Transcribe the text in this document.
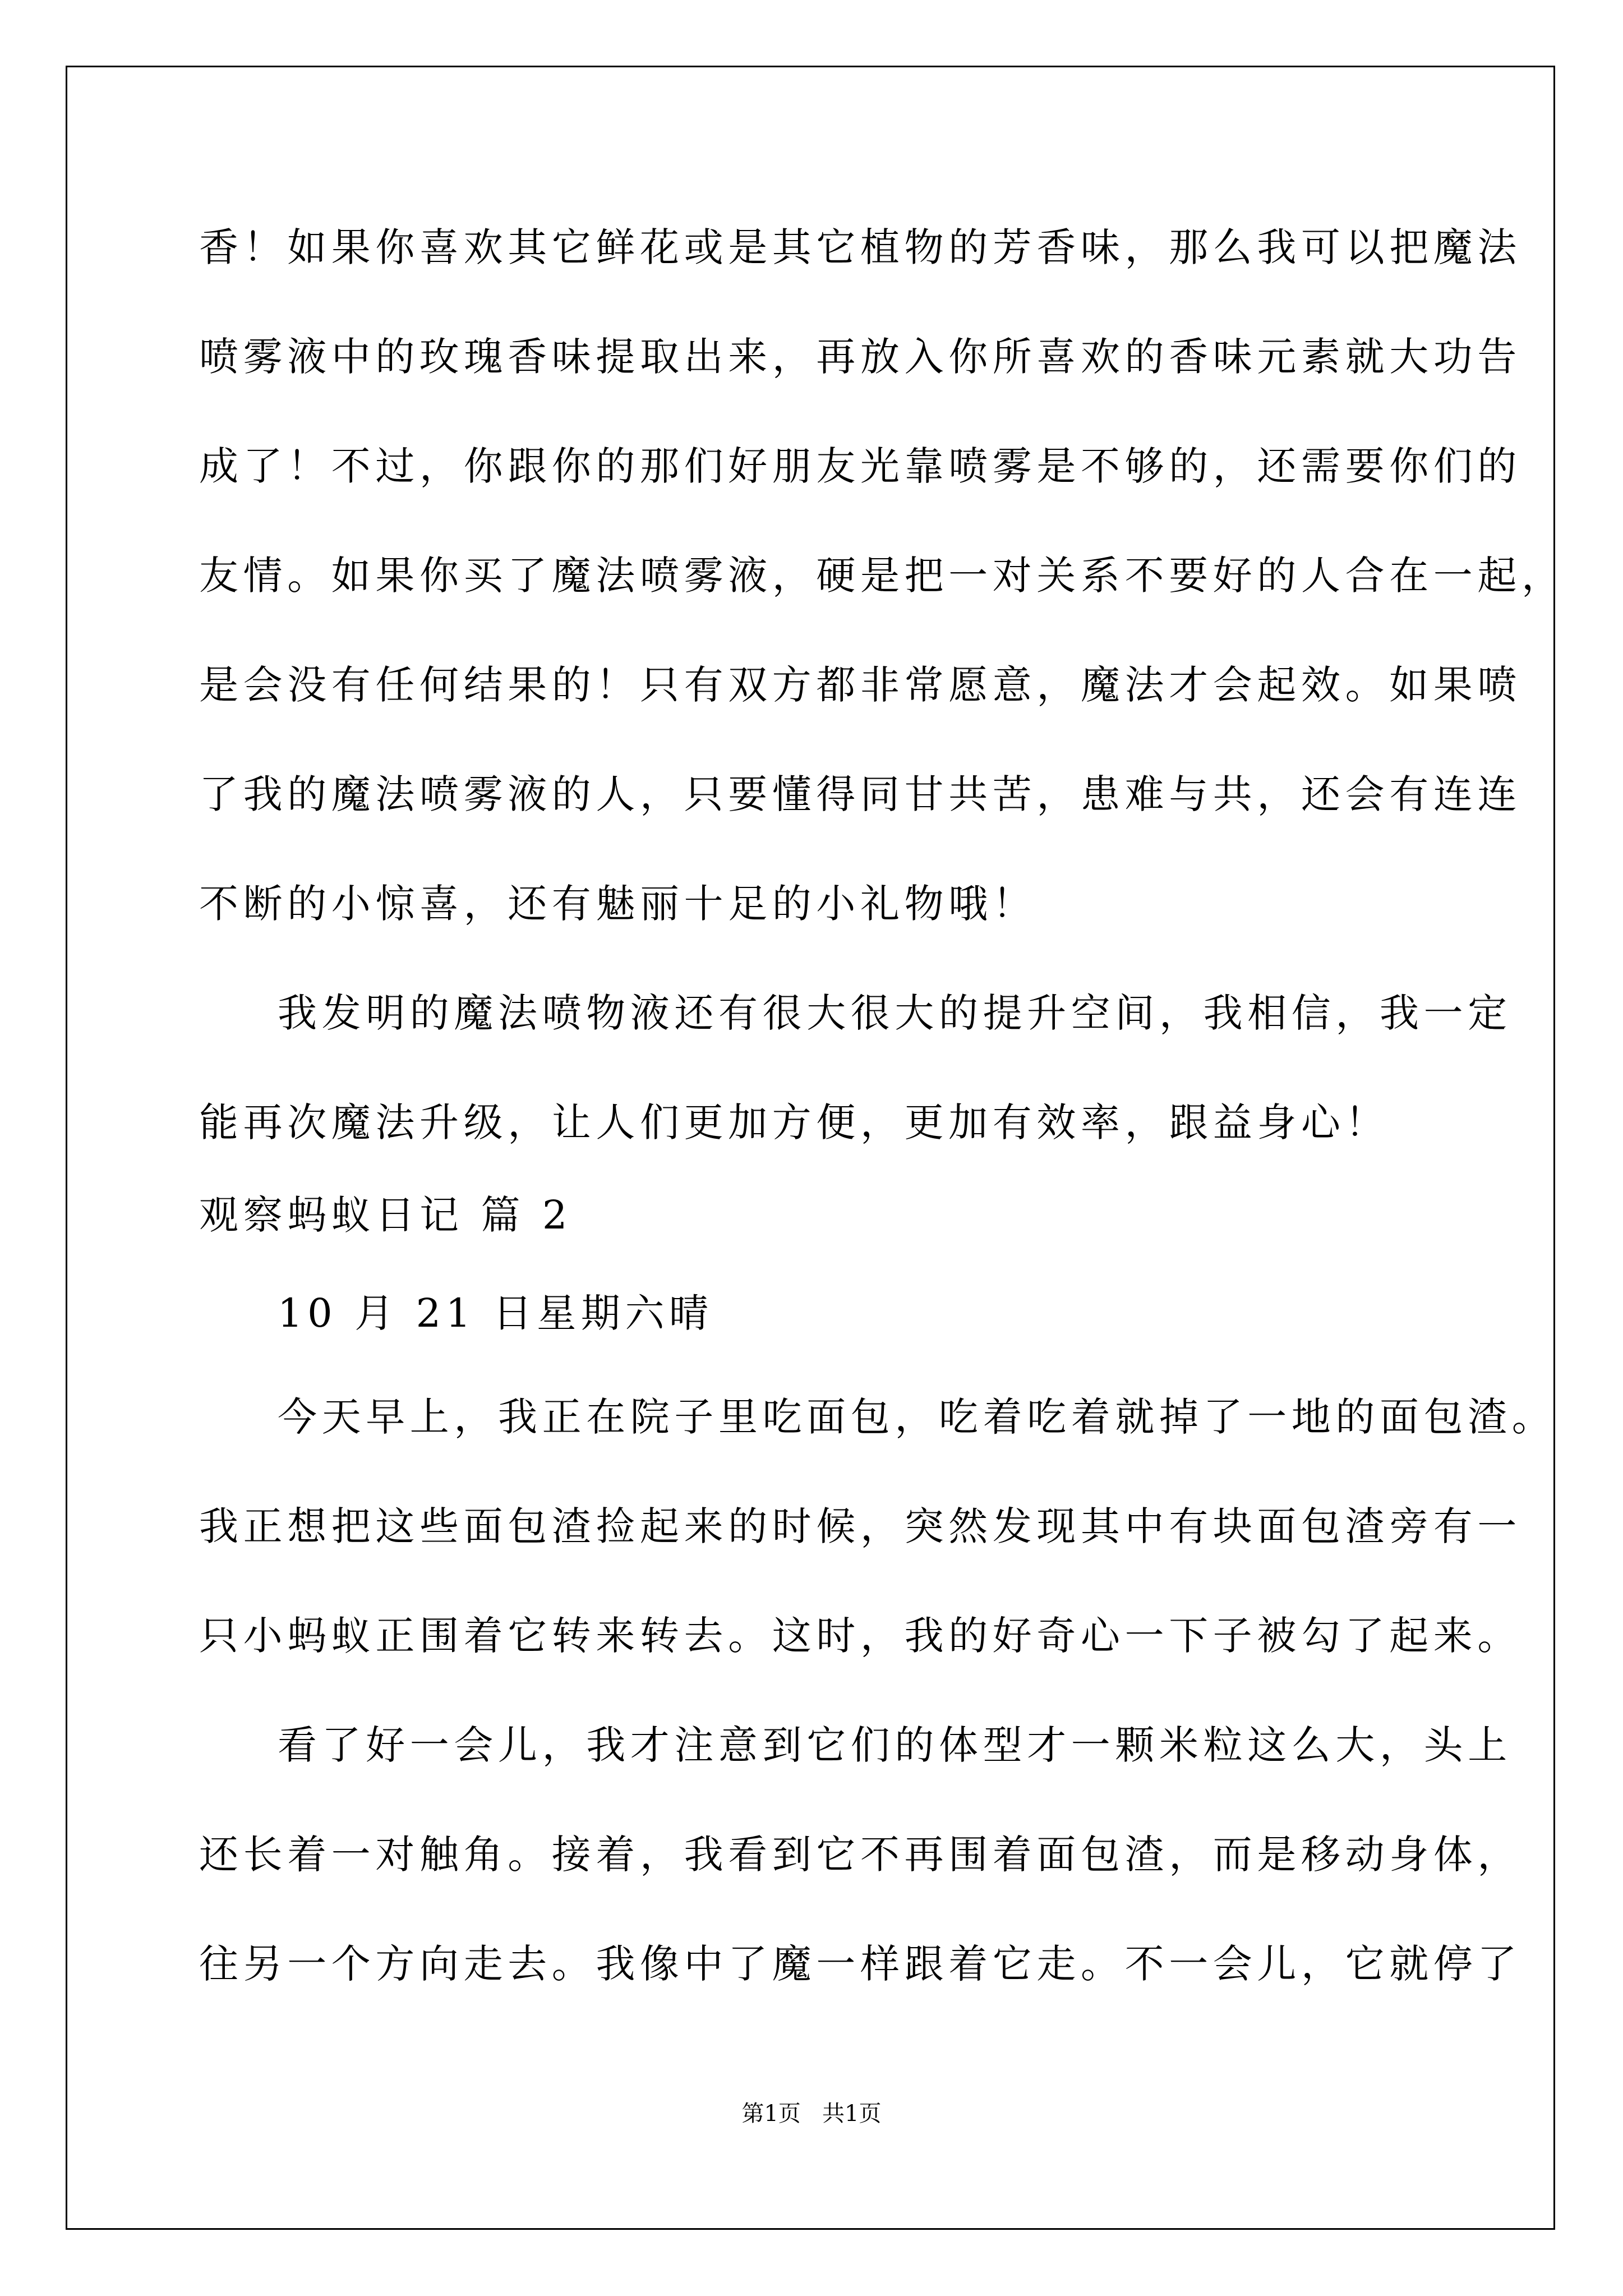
香！如果你喜欢其它鲜花或是其它植物的芳香味，那么我可以把魔法
喷雾液中的玫瑰香味提取出来，再放入你所喜欢的香味元素就大功告
成了！不过，你跟你的那们好朋友光靠喷雾是不够的，还需要你们的
友情。如果你买了魔法喷雾液，硬是把一对关系不要好的人合在一起，
是会没有任何结果的！只有双方都非常愿意，魔法才会起效。如果喷
了我的魔法喷雾液的人，只要懂得同甘共苦，患难与共，还会有连连
不断的小惊喜，还有魅丽十足的小礼物哦！
我发明的魔法喷物液还有很大很大的提升空间，我相信，我一定
能再次魔法升级，让人们更加方便，更加有效率，跟益身心！
观察蚂蚁日记 篇 2
10 月 21 日星期六晴
今天早上，我正在院子里吃面包，吃着吃着就掉了一地的面包渣。
我正想把这些面包渣捡起来的时候，突然发现其中有块面包渣旁有一
只小蚂蚁正围着它转来转去。这时，我的好奇心一下子被勾了起来。
看了好一会儿，我才注意到它们的体型才一颗米粒这么大，头上
还长着一对触角。接着，我看到它不再围着面包渣，而是移动身体，
往另一个方向走去。我像中了魔一样跟着它走。不一会儿，它就停了
第1页   共1页
